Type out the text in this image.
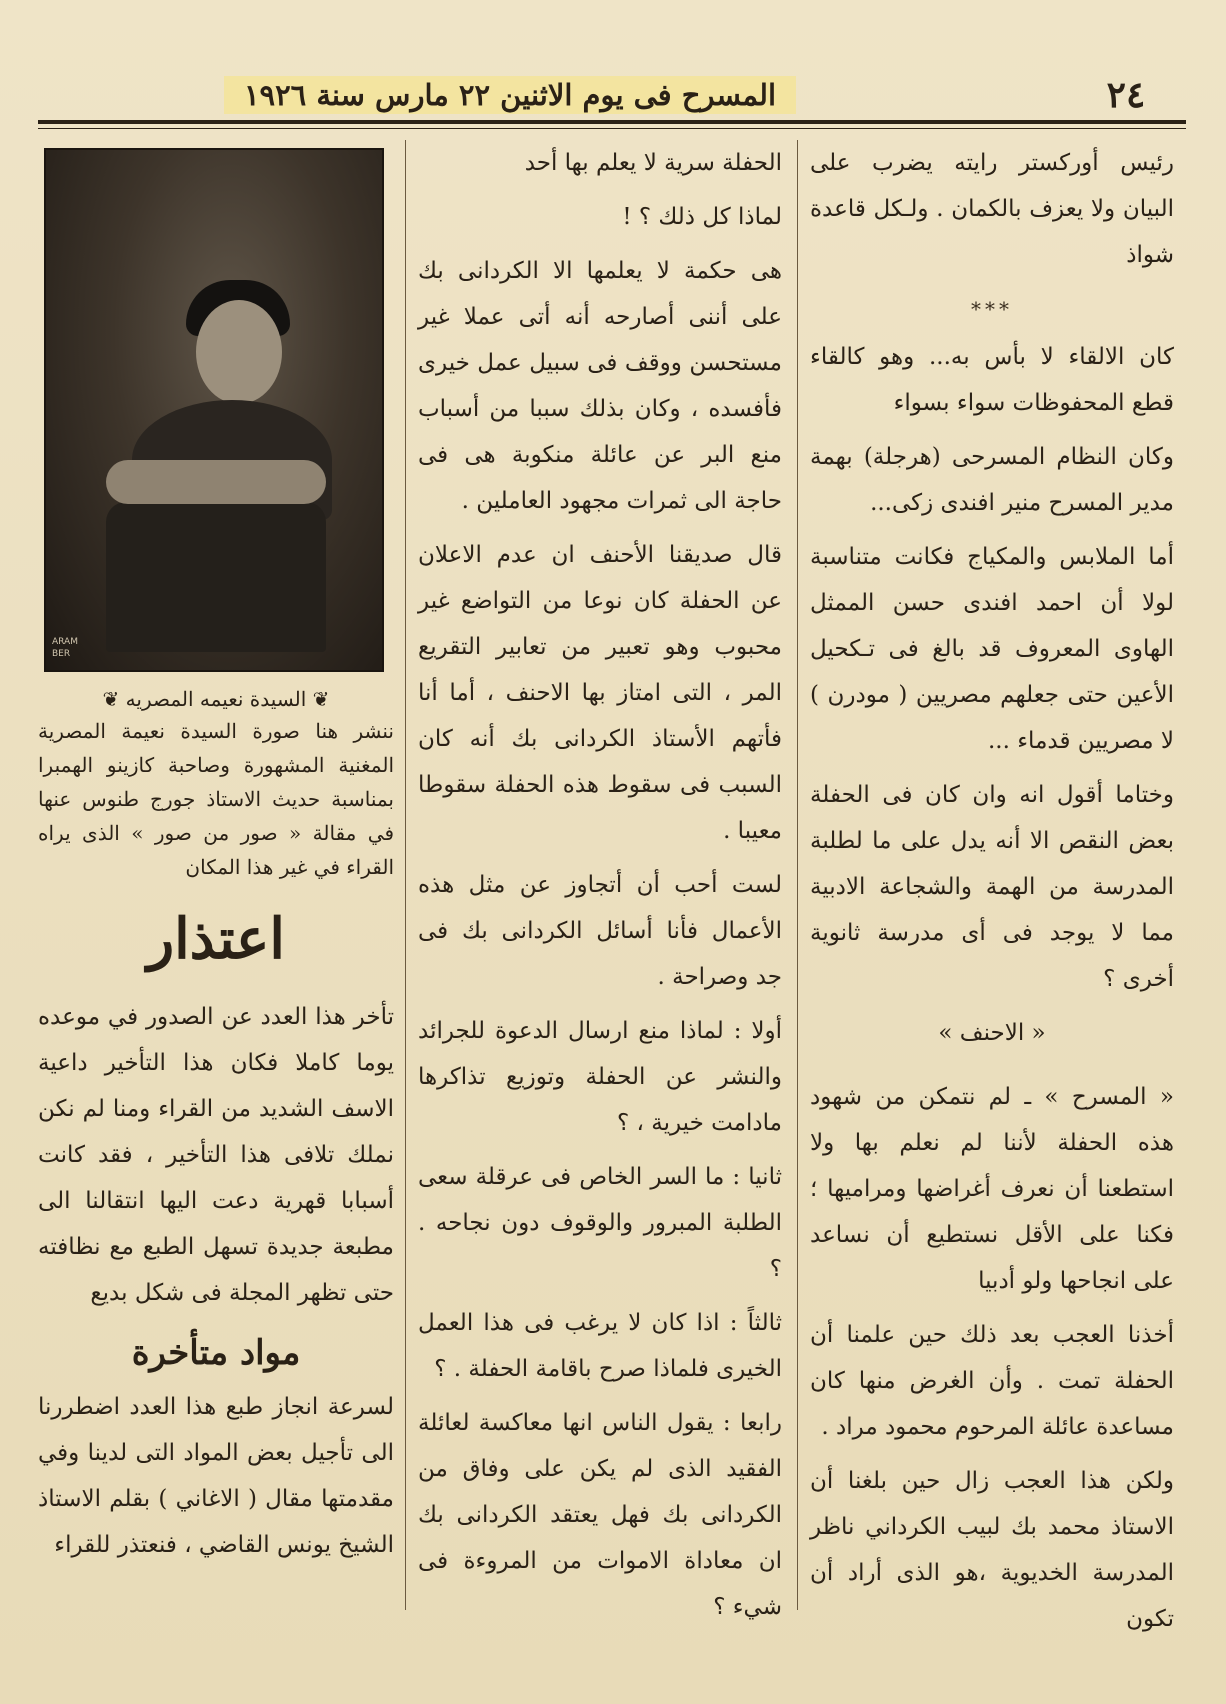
٢٤
المسرح فى يوم الاثنين ٢٢ مارس سنة ١٩٢٦

رئيس أوركستر رايته يضرب على البيان ولا يعزف بالكمان . ولـكل قاعدة شواذ

***

كان الالقاء لا بأس به... وهو كالقاء قطع المحفوظات سواء بسواء

وكان النظام المسرحى (هرجلة) بهمة مدير المسرح منير افندى زكى...

أما الملابس والمكياج فكانت متناسبة لولا أن احمد افندى حسن الممثل الهاوى المعروف قد بالغ فى تـكحيل الأعين حتى جعلهم مصريين ( مودرن ) لا مصريين قدماء ...

وختاما أقول انه وان كان فى الحفلة بعض النقص الا أنه يدل على ما لطلبة المدرسة من الهمة والشجاعة الادبية مما لا يوجد فى أى مدرسة ثانوية أخرى ؟

« الاحنف »

« المسرح » ـ لم نتمكن من شهود هذه الحفلة لأننا لم نعلم بها ولا استطعنا أن نعرف أغراضها ومراميها ؛ فكنا على الأقل نستطيع أن نساعد على انجاحها ولو أدبيا

أخذنا العجب بعد ذلك حين علمنا أن الحفلة تمت . وأن الغرض منها كان مساعدة عائلة المرحوم محمود مراد .

ولكن هذا العجب زال حين بلغنا أن الاستاذ محمد بك لبيب الكرداني ناظر المدرسة الخديوية ،هو الذى أراد أن تكون

الحفلة سرية لا يعلم بها أحد

لماذا كل ذلك ؟ !

هى حكمة لا يعلمها الا الكردانى بك على أننى أصارحه أنه أتى عملا غير مستحسن ووقف فى سبيل عمل خيرى فأفسده ، وكان بذلك سببا من أسباب منع البر عن عائلة منكوبة هى فى حاجة الى ثمرات مجهود العاملين .

قال صديقنا الأحنف ان عدم الاعلان عن الحفلة كان نوعا من التواضع غير محبوب وهو تعبير من تعابير التقريع المر ، التى امتاز بها الاحنف ، أما أنا فأتهم الأستاذ الكردانى بك أنه كان السبب فى سقوط هذه الحفلة سقوطا معيبا .

لست أحب أن أتجاوز عن مثل هذه الأعمال فأنا أسائل الكردانى بك فى جد وصراحة .

أولا : لماذا منع ارسال الدعوة للجرائد والنشر عن الحفلة وتوزيع تذاكرها مادامت خيرية ، ؟

ثانيا : ما السر الخاص فى عرقلة سعى الطلبة المبرور والوقوف دون نجاحه . ؟

ثالثاً : اذا كان لا يرغب فى هذا العمل الخيرى فلماذا صرح باقامة الحفلة . ؟

رابعا : يقول الناس انها معاكسة لعائلة الفقيد الذى لم يكن على وفاق من الكردانى بك فهل يعتقد الكردانى بك ان معاداة الاموات من المروءة فى شيء ؟

ARAM BER
❦ السيدة نعيمه المصريه ❦
ننشر هنا صورة السيدة نعيمة المصرية المغنية المشهورة وصاحبة كازينو الهمبرا بمناسبة حديث الاستاذ جورج طنوس عنها في مقالة « صور من صور » الذى يراه القراء في غير هذا المكان
اعتذار

تأخر هذا العدد عن الصدور في موعده يوما كاملا فكان هذا التأخير داعية الاسف الشديد من القراء ومنا لم نكن نملك تلافى هذا التأخير ، فقد كانت أسبابا قهرية دعت اليها انتقالنا الى مطبعة جديدة تسهل الطبع مع نظافته حتى تظهر المجلة فى شكل بديع

مواد متأخرة

لسرعة انجاز طبع هذا العدد اضطررنا الى تأجيل بعض المواد التى لدينا وفي مقدمتها مقال ( الاغاني ) بقلم الاستاذ الشيخ يونس القاضي ، فنعتذر للقراء
